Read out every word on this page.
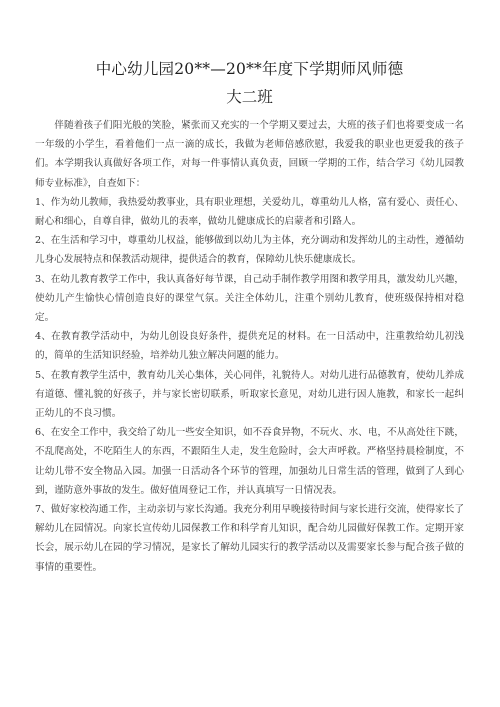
中心幼儿园20**—20**年度下学期师风师德
大二班

伴随着孩子们阳光般的笑脸，紧张而又充实的一个学期又要过去，大班的孩子们也将要变成一名一年级的小学生，看着他们一点一滴的成长，我做为老师倍感欣慰，我爱我的职业也更爱我的孩子们。本学期我认真做好各项工作，对每一件事情认真负责，回顾一学期的工作，结合学习《幼儿园教师专业标准》，自查如下：

1、作为幼儿教师，我热爱幼教事业，具有职业理想，关爱幼儿，尊重幼儿人格，富有爱心、责任心、耐心和细心，自尊自律，做幼儿的表率，做幼儿健康成长的启蒙者和引路人。

2、在生活和学习中，尊重幼儿权益，能够做到以幼儿为主体，充分调动和发挥幼儿的主动性，遵循幼儿身心发展特点和保教活动规律，提供适合的教育，保障幼儿快乐健康成长。

3、在幼儿教育教学工作中，我认真备好每节课，自己动手制作教学用图和教学用具，激发幼儿兴趣，使幼儿产生愉快心情创造良好的课堂气氛。关注全体幼儿，注重个别幼儿教育，使班级保持相对稳定。

4、在教育教学活动中，为幼儿创设良好条件，提供充足的材料。在一日活动中，注重教给幼儿初浅的，简单的生活知识经验，培养幼儿独立解决问题的能力。

5、在教育教学生活中，教育幼儿关心集体，关心同伴，礼貌待人。对幼儿进行品德教育，使幼儿养成有道德、懂礼貌的好孩子，并与家长密切联系，听取家长意见，对幼儿进行因人施教，和家长一起纠正幼儿的不良习惯。

6、在安全工作中，我交给了幼儿一些安全知识，如不吞食异物，不玩火、水、电，不从高处往下跳，不乱爬高处，不吃陌生人的东西，不跟陌生人走，发生危险时，会大声呼救。严格坚持晨检制度，不让幼儿带不安全物品入园。加强一日活动各个环节的管理，加强幼儿日常生活的管理，做到了人到心到，谨防意外事故的发生。做好值周登记工作，并认真填写一日情况表。

7、做好家校沟通工作，主动亲切与家长沟通。我充分利用早晚接待时间与家长进行交流，使得家长了解幼儿在园情况。向家长宣传幼儿园保教工作和科学育儿知识，配合幼儿园做好保教工作。定期开家长会，展示幼儿在园的学习情况，是家长了解幼儿园实行的教学活动以及需要家长参与配合孩子做的事情的重要性。
